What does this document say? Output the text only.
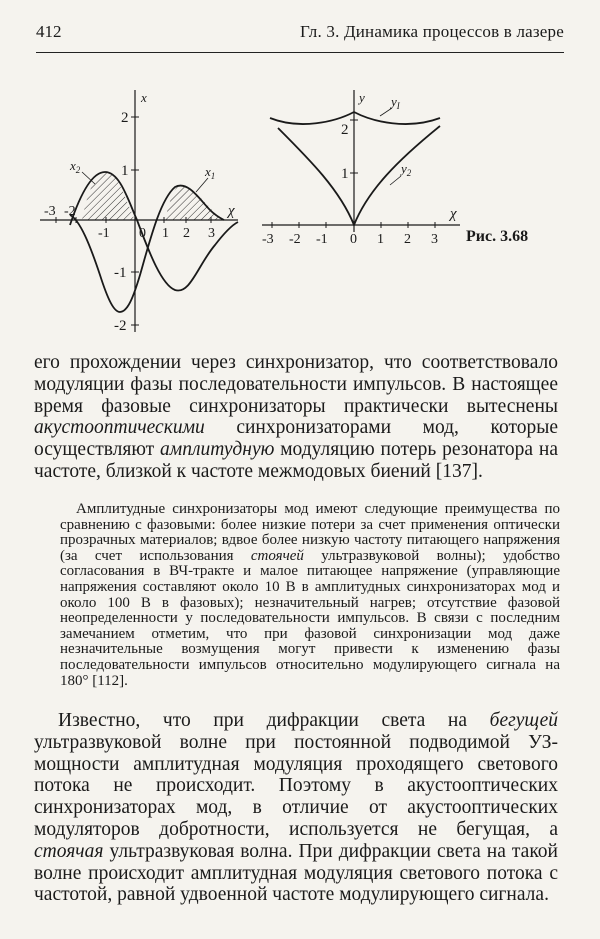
412	Гл. 3. Динамика процессов в лазере
x
χ
2
1
-1
-2
-3 -2
-1 0 1 2 3
$x_2$	$x_1$
y
χ
2
1
-3 -2 -1 0 1 2 3
$y_I$
$y_2$
Рис. 3.68

его прохождении через синхронизатор, что соответствовало модуляции фазы последовательности импульсов. В настоящее время фазовые синхронизаторы практически вытеснены акустооптическими синхронизаторами мод, которые осуществляют амплитудную модуляцию потерь резонатора на частоте, близкой к частоте межмодовых биений [137].

Амплитудные синхронизаторы мод имеют следующие преимущества по сравнению с фазовыми: более низкие потери за счет применения оптически прозрачных материалов; вдвое более низкую частоту питающего напряжения (за счет использования стоячей ультразвуковой волны); удобство согласования в ВЧ-тракте и малое питающее напряжение (управляющие напряжения составляют около 10 В в амплитудных синхронизаторах мод и около 100 В в фазовых); незначительный нагрев; отсутствие фазовой неопределенности у последовательности импульсов. В связи с последним замечанием отметим, что при фазовой синхронизации мод даже незначительные возмущения могут привести к изменению фазы последовательности импульсов относительно модулирующего сигнала на 180° [112].

Известно, что при дифракции света на бегущей ультразвуковой волне при постоянной подводимой УЗ-мощности амплитудная модуляция проходящего светового потока не происходит. Поэтому в акустооптических синхронизаторах мод, в отличие от акустооптических модуляторов добротности, используется не бегущая, а стоячая ультразвуковая волна. При дифракции света на такой волне происходит амплитудная модуляция светового потока с частотой, равной удвоенной частоте модулирующего сигнала.
